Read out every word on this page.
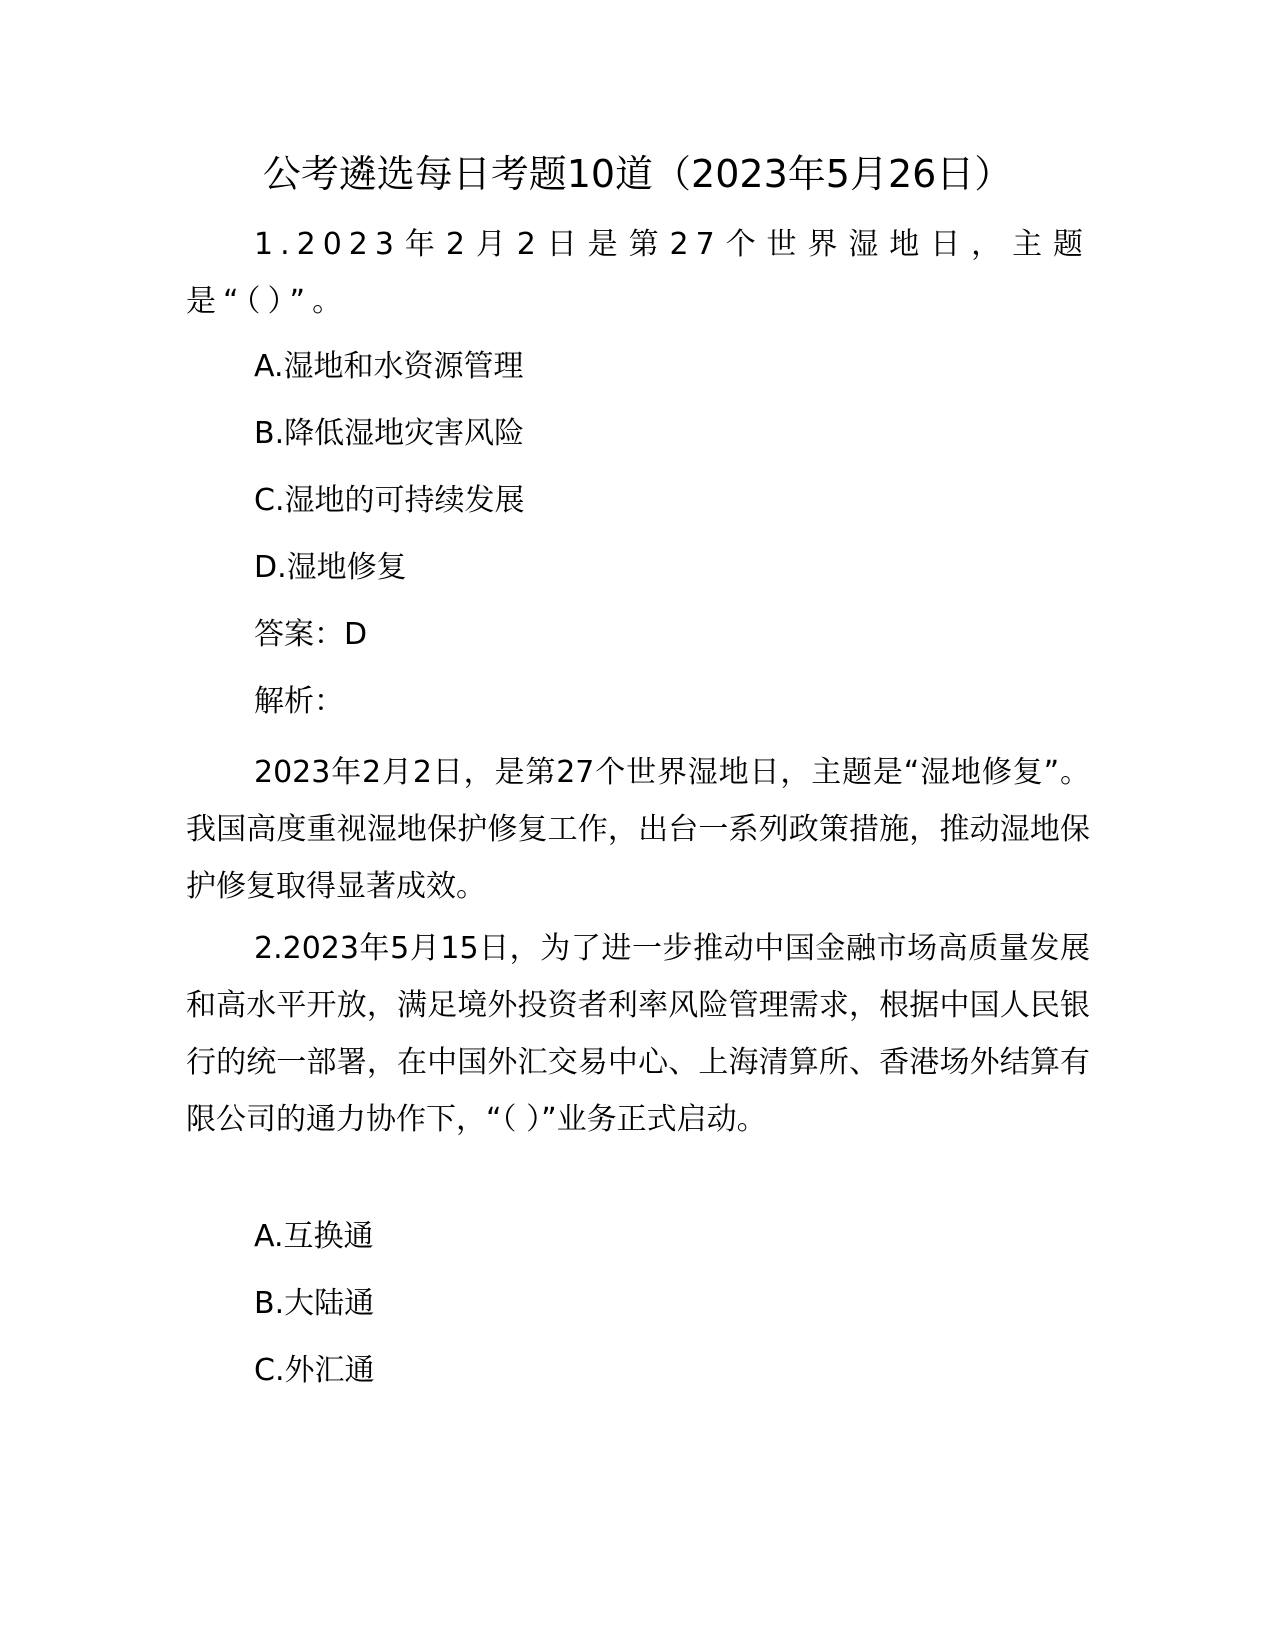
公考遴选每日考题10道（2023年5月26日）
1.2023年2月2日是第27个世界湿地日，主题是“（）”。
A.湿地和水资源管理
B.降低湿地灾害风险
C.湿地的可持续发展
D.湿地修复
答案：D
解析：
2023年2月2日，是第27个世界湿地日，主题是“湿地修复”。我国高度重视湿地保护修复工作，出台一系列政策措施，推动湿地保护修复取得显著成效。
2.2023年5月15日，为了进一步推动中国金融市场高质量发展和高水平开放，满足境外投资者利率风险管理需求，根据中国人民银行的统一部署，在中国外汇交易中心、上海清算所、香港场外结算有限公司的通力协作下，“（ ）”业务正式启动。
A.互换通
B.大陆通
C.外汇通
